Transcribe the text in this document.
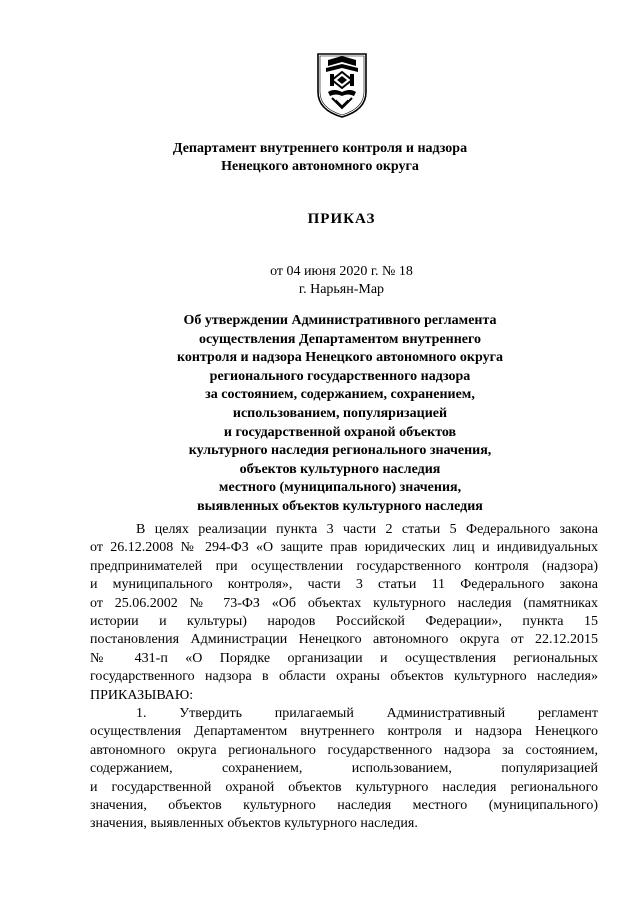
Департамент внутреннего контроля и надзора
Ненецкого автономного округа
ПРИКАЗ
от 04 июня 2020 г. № 18
г. Нарьян-Мар
Об утверждении Административного регламента
осуществления Департаментом внутреннего
контроля и надзора Ненецкого автономного округа
регионального государственного надзора
за состоянием, содержанием, сохранением,
использованием, популяризацией
и государственной охраной объектов
культурного наследия регионального значения,
объектов культурного наследия
местного (муниципального) значения,
выявленных объектов культурного наследия
В целях реализации пункта 3 части 2 статьи 5 Федерального закона
от 26.12.2008 № 294-ФЗ «О защите прав юридических лиц и индивидуальных
предпринимателей при осуществлении государственного контроля (надзора)
и муниципального контроля», части 3 статьи 11 Федерального закона
от 25.06.2002 № 73-ФЗ «Об объектах культурного наследия (памятниках
истории и культуры) народов Российской Федерации», пункта 15
постановления Администрации Ненецкого автономного округа от 22.12.2015
№ 431-п «О Порядке организации и осуществления региональных
государственного надзора в области охраны объектов культурного наследия»
ПРИКАЗЫВАЮ:
1. Утвердить прилагаемый Административный регламент
осуществления Департаментом внутреннего контроля и надзора Ненецкого
автономного округа регионального государственного надзора за состоянием,
содержанием, сохранением, использованием, популяризацией
и государственной охраной объектов культурного наследия регионального
значения, объектов культурного наследия местного (муниципального)
значения, выявленных объектов культурного наследия.
